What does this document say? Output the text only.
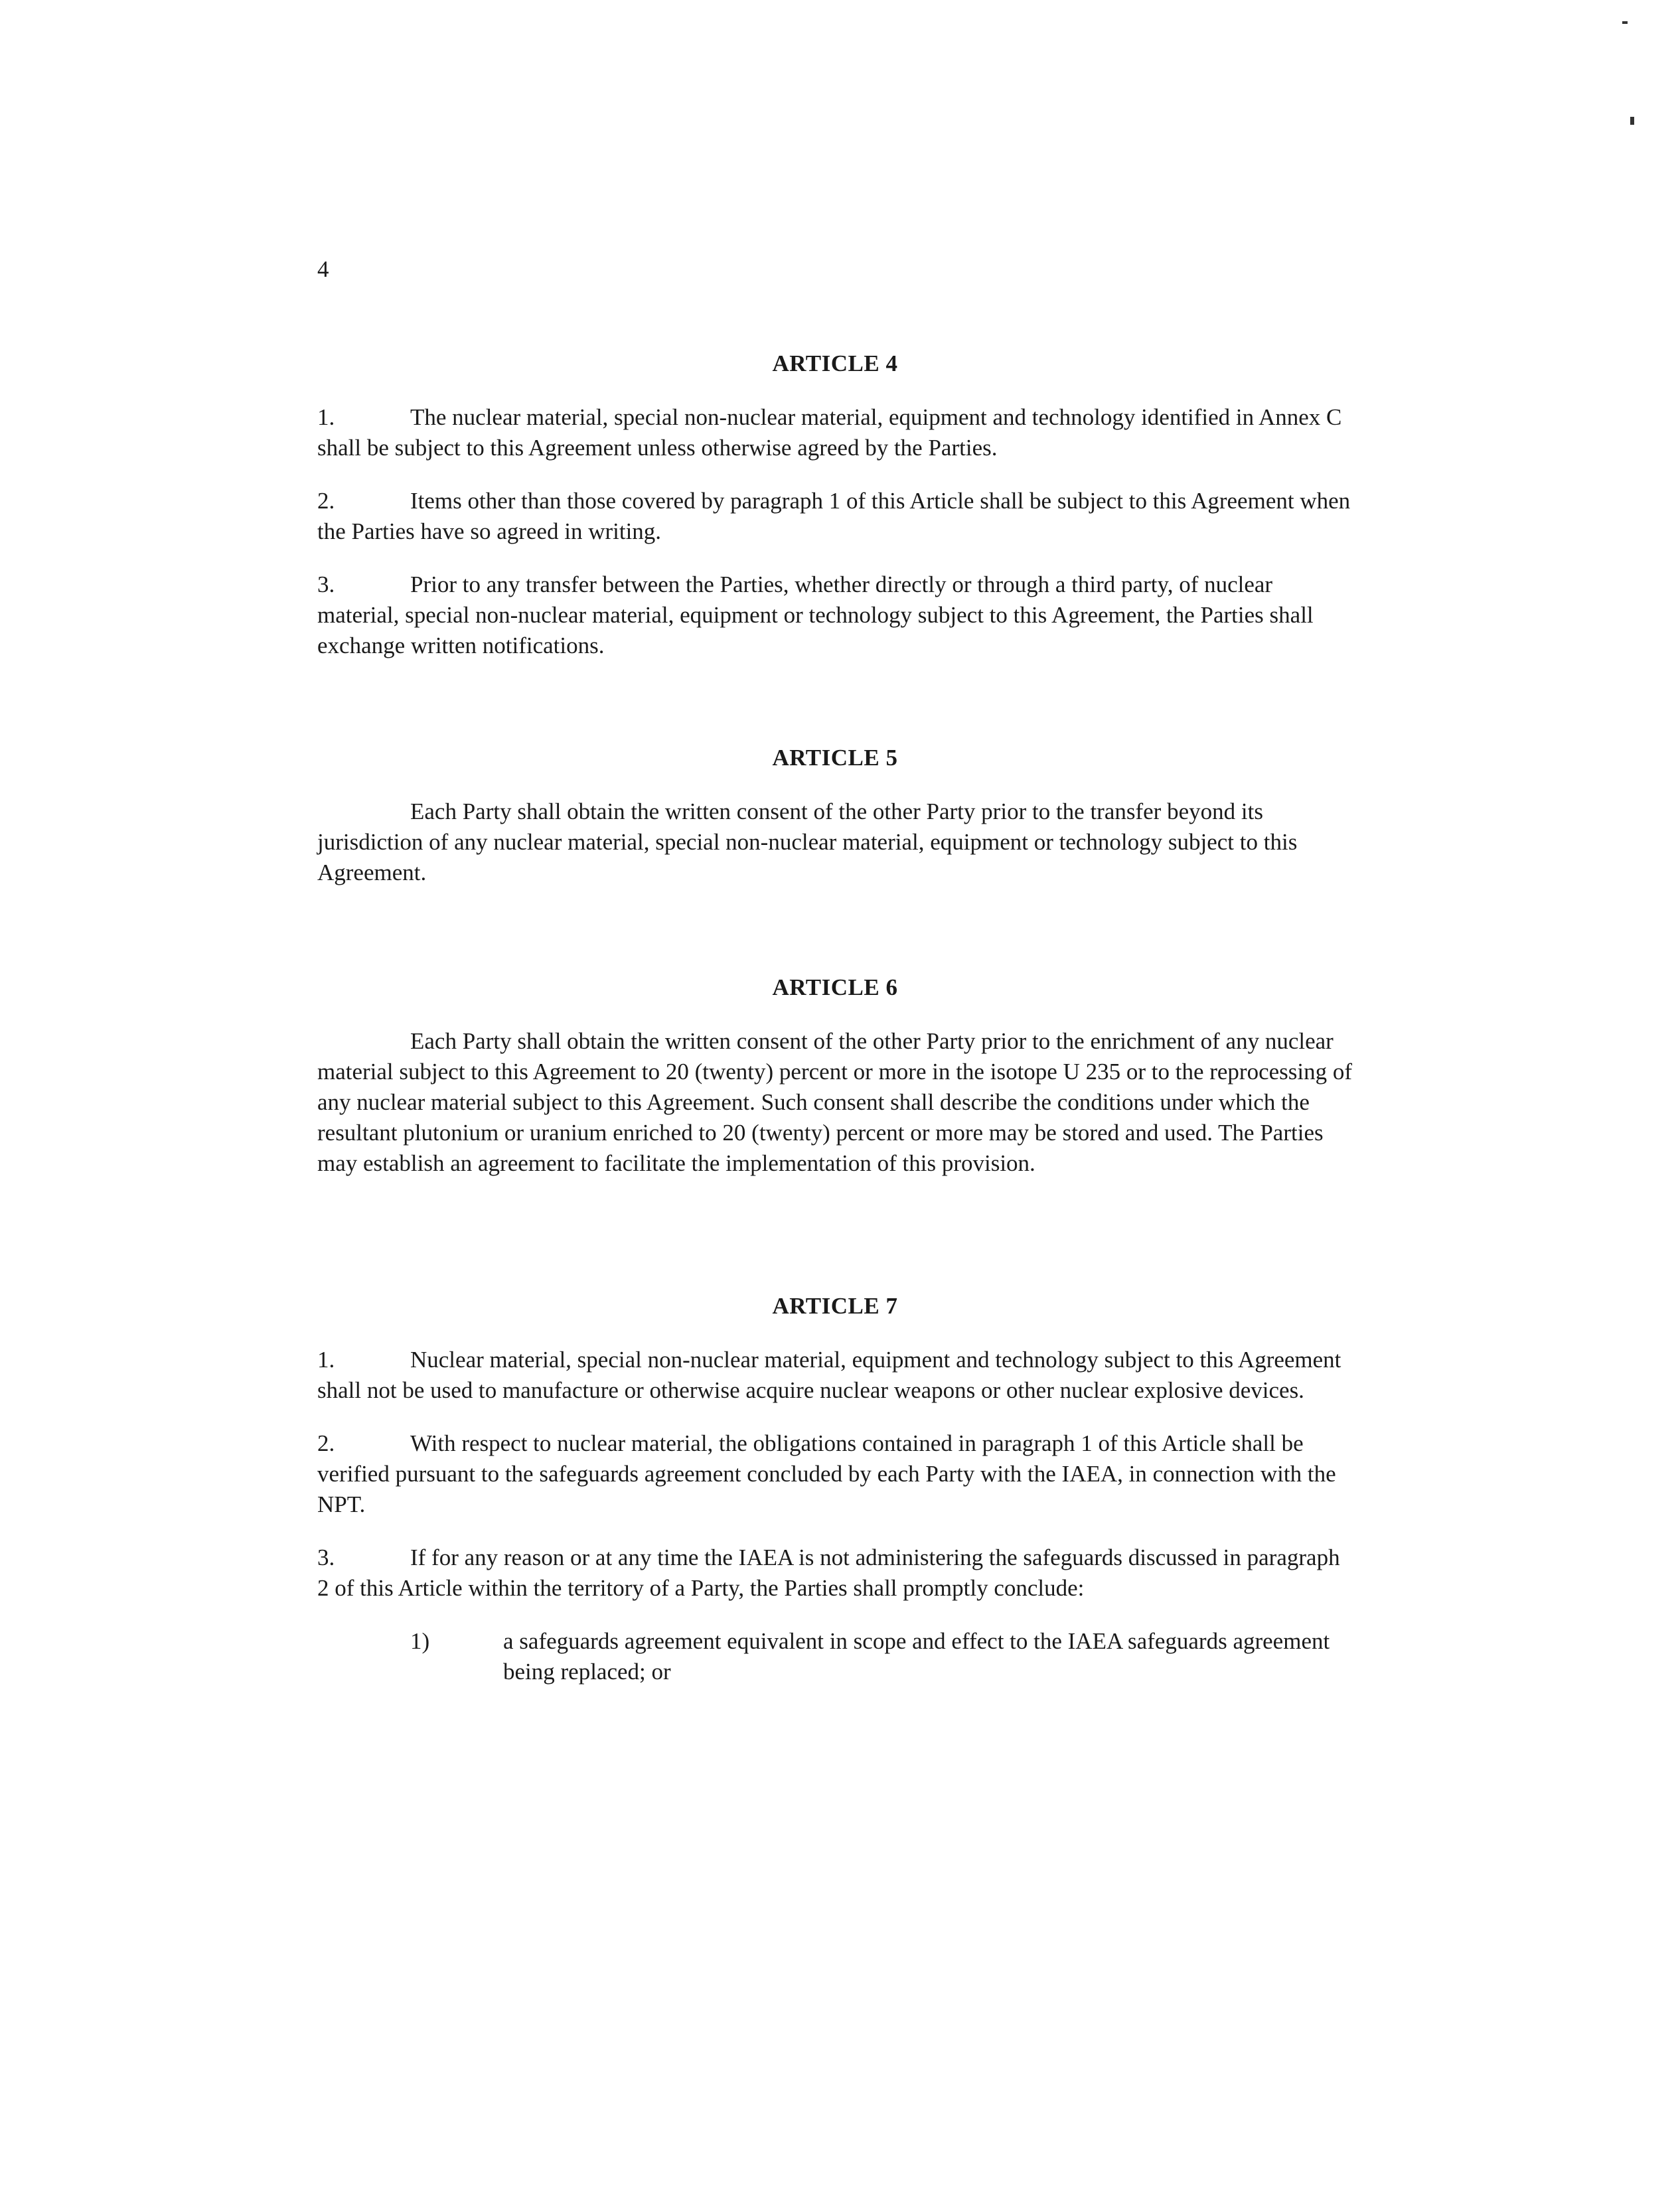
4
ARTICLE 4

1.	The nuclear material, special non-nuclear material, equipment and technology identified in Annex C shall be subject to this Agreement unless otherwise agreed by the Parties.

2.	Items other than those covered by paragraph 1 of this Article shall be subject to this Agreement when the Parties have so agreed in writing.

3.	Prior to any transfer between the Parties, whether directly or through a third party, of nuclear material, special non-nuclear material, equipment or technology subject to this Agreement, the Parties shall exchange written notifications.

ARTICLE 5

Each Party shall obtain the written consent of the other Party prior to the transfer beyond its jurisdiction of any nuclear material, special non-nuclear material, equipment or technology subject to this Agreement.

ARTICLE 6

Each Party shall obtain the written consent of the other Party prior to the enrichment of any nuclear material subject to this Agreement to 20 (twenty) percent or more in the isotope U 235 or to the reprocessing of any nuclear material subject to this Agreement. Such consent shall describe the conditions under which the resultant plutonium or uranium enriched to 20 (twenty) percent or more may be stored and used. The Parties may establish an agreement to facilitate the implementation of this provision.

ARTICLE 7

1.	Nuclear material, special non-nuclear material, equipment and technology subject to this Agreement shall not be used to manufacture or otherwise acquire nuclear weapons or other nuclear explosive devices.

2.	With respect to nuclear material, the obligations contained in paragraph 1 of this Article shall be verified pursuant to the safeguards agreement concluded by each Party with the IAEA, in connection with the NPT.

3.	If for any reason or at any time the IAEA is not administering the safeguards discussed in paragraph 2 of this Article within the territory of a Party, the Parties shall promptly conclude:

1)	a safeguards agreement equivalent in scope and effect to the IAEA safeguards agreement being replaced; or
